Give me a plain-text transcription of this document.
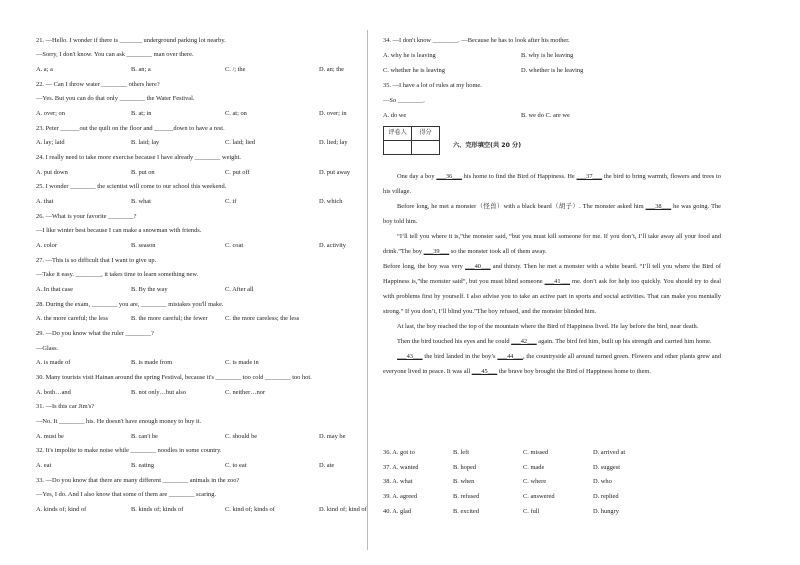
21. —Hello. I wonder if there is _______ underground parking lot nearby.
—Sorry, I don't know. You can ask ________ man over there.
A. a; a	B. an; a	C. /; the	D. an; the
22. — Can I throw water ________ others here?
—Yes. But you can do that only ________ the Water Festival.
A. over; on	B. at; in	C. at; on	D. over; in
23. Peter ______out the quilt on the floor and ______down to have a rest.
A. lay; laid	B. laid; lay	C. laid; lied	D. lied; lay
24. I really need to take more exercise because I have already ________ weight.
A. put down	B. put on	C. put off	D. put away
25. I wonder ________ the scientist will come to our school this weekend.
A. that	B. what	C. if	D. which
26. —What is your favorite ________?
—I like winter best because I can make a snowman with friends.
A. color	B. season	C. coat	D. activity
27. —This is so difficult that I want to give up.
—Take it easy. ________, it takes time to learn something new.
A. In that case	B. By the way	C. After all
28. During the exam, ________ you are, ________ mistakes you'll make.
A. the more careful; the less	B. the more careful; the fewer	C. the more careless; the less
29. —Do you know what the ruler ________?
—Glass.
A. is made of	B. is made from	C. is made in
30. Many tourists visit Hainan around the spring Festival, because it's ________ too cold ________ too hot.
A. both…and	B. not only…but also	C. neither…nor
31. —Is this car Jim's?
—No. It ________ his. He doesn't have enough money to buy it.
A. must be	B. can't be	C. should be	D. may be
32. It's impolite to make noise while ________ noodles in some country.
A. eat	B. eating	C. to eat	D. ate
33. —Do you know that there are many different ________ animals in the zoo?
—Yes, I do. And I also know that some of them are ________ scaring.
A. kinds of; kind of	B. kinds of; kinds of	C. kind of; kinds of	D. kind of; kind of
评卷人	得分

六、完形填空(共 20 分)

One day a boy ___36___ his home to find the Bird of Happiness. He ___37___ the bird to bring warmth, flowers and trees to his village.

Before long, he met a monster（怪兽）with a black beard（胡子）. The monster asked him ___38___ he was going. The boy told him.

“I’ll tell you where it is,”the monster said, “but you must kill someone for me. If you don’t, I’ll take away all your food and drink.”The boy ___39___ so the monster took all of them away.

Before long, the boy was very ___40___ and thirsty. Then he met a monster with a white beard. “I’ll tell you where the Bird of Happiness is,”the monster said“, but you must blind someone ___41___ me. don’t ask for help too quickly. You should try to deal with problems first by yourself. I also advise you to take an active part in sports and social activities. That can make you mentally strong.” If you don’t, I’ll blind you.”The boy refused, and the monster blinded him.

At last, the boy reached the top of the mountain where the Bird of Happiness lived. He lay before the bird, near death.

Then the bird touched his eyes and he could ___42___ again. The bird fed him, built up his strength and carried him home.

___43___ the bird landed in the boy’s ___44___, the countryside all around turned green. Flowers and other plants grew and everyone lived in peace. It was all ___45___ the brave boy brought the Bird of Happiness home to them.

34. —I don't know ________. —Because he has to look after his mother.
A. why he is leaving	B. why is he leaving
C. whether he is leaving	D. whether is he leaving
35. —I have a lot of rules at my home.
—So ________.
A. do we	B. we do C. are we
36. A. got to	B. left	C. missed	D. arrived at
37. A. wanted	B. hoped	C. made	D. suggest
38. A. what	B. when	C. where	D. who
39. A. agreed	B. refused	C. answered	D. replied
40. A. glad	B. excited	C. full	D. hungry
